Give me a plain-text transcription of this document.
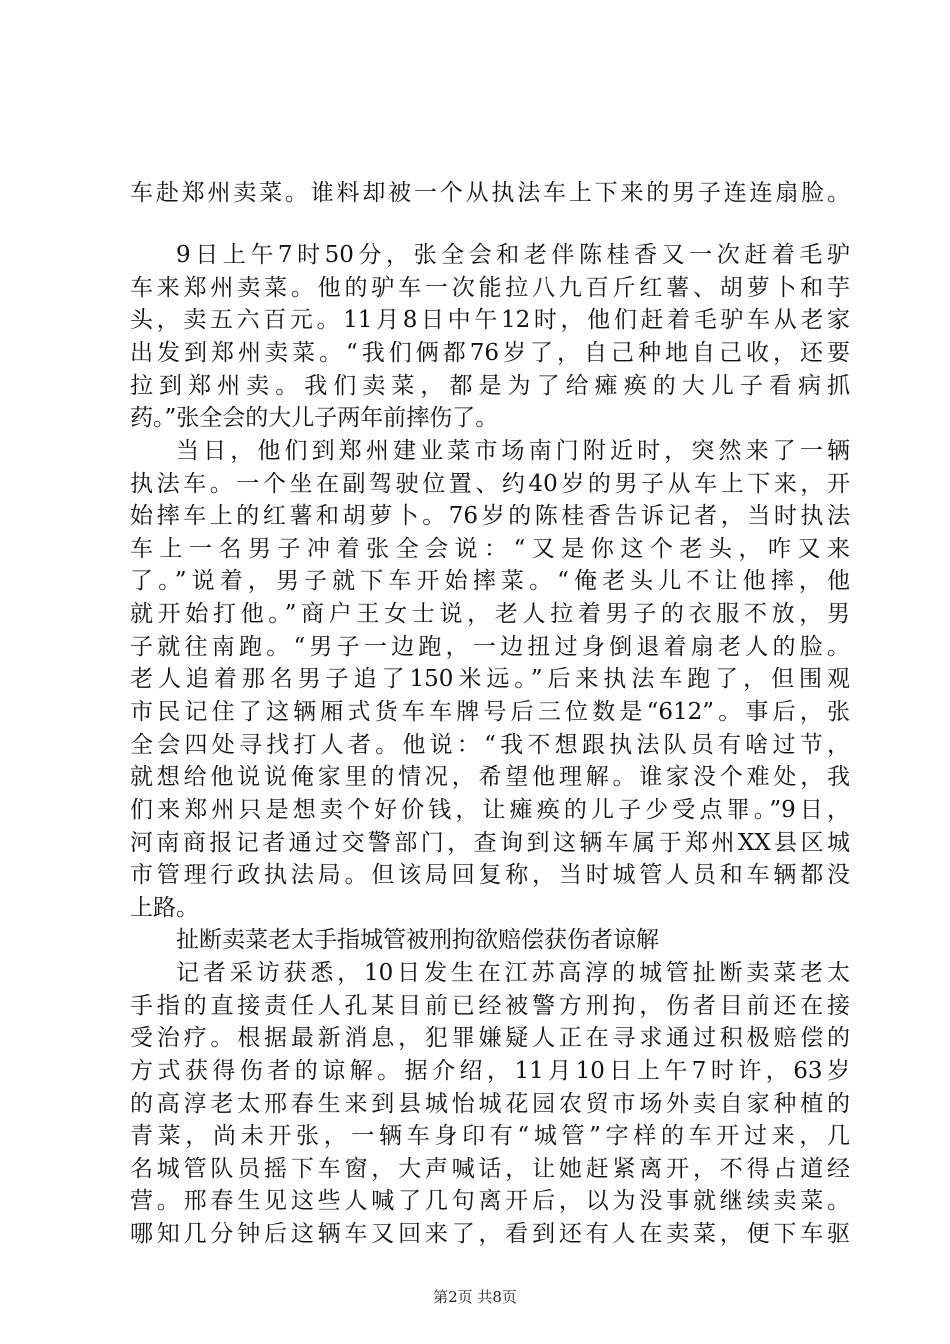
车赴郑州卖菜。谁料却被一个从执法车上下来的男子连连扇脸。
9日上午7时50分，张全会和老伴陈桂香又一次赶着毛驴
车来郑州卖菜。他的驴车一次能拉八九百斤红薯、胡萝卜和芋
头，卖五六百元。11月8日中午12时，他们赶着毛驴车从老家
出发到郑州卖菜。“我们俩都76岁了，自己种地自己收，还要
拉到郑州卖。我们卖菜，都是为了给瘫痪的大儿子看病抓
药。”张全会的大儿子两年前摔伤了。
当日，他们到郑州建业菜市场南门附近时，突然来了一辆
执法车。一个坐在副驾驶位置、约40岁的男子从车上下来，开
始摔车上的红薯和胡萝卜。76岁的陈桂香告诉记者，当时执法
车上一名男子冲着张全会说：“又是你这个老头，咋又来
了。”说着，男子就下车开始摔菜。“俺老头儿不让他摔，他
就开始打他。”商户王女士说，老人拉着男子的衣服不放，男
子就往南跑。“男子一边跑，一边扭过身倒退着扇老人的脸。
老人追着那名男子追了150米远。”后来执法车跑了，但围观
市民记住了这辆厢式货车车牌号后三位数是“612”。事后，张
全会四处寻找打人者。他说：“我不想跟执法队员有啥过节，
就想给他说说俺家里的情况，希望他理解。谁家没个难处，我
们来郑州只是想卖个好价钱，让瘫痪的儿子少受点罪。”9日，
河南商报记者通过交警部门，查询到这辆车属于郑州XX县区城
市管理行政执法局。但该局回复称，当时城管人员和车辆都没
上路。
扯断卖菜老太手指城管被刑拘欲赔偿获伤者谅解
记者采访获悉，10日发生在江苏高淳的城管扯断卖菜老太
手指的直接责任人孔某目前已经被警方刑拘，伤者目前还在接
受治疗。根据最新消息，犯罪嫌疑人正在寻求通过积极赔偿的
方式获得伤者的谅解。据介绍，11月10日上午7时许，63岁
的高淳老太邢春生来到县城怡城花园农贸市场外卖自家种植的
青菜，尚未开张，一辆车身印有“城管”字样的车开过来，几
名城管队员摇下车窗，大声喊话，让她赶紧离开，不得占道经
营。邢春生见这些人喊了几句离开后，以为没事就继续卖菜。
哪知几分钟后这辆车又回来了，看到还有人在卖菜，便下车驱
第2页 共8页
